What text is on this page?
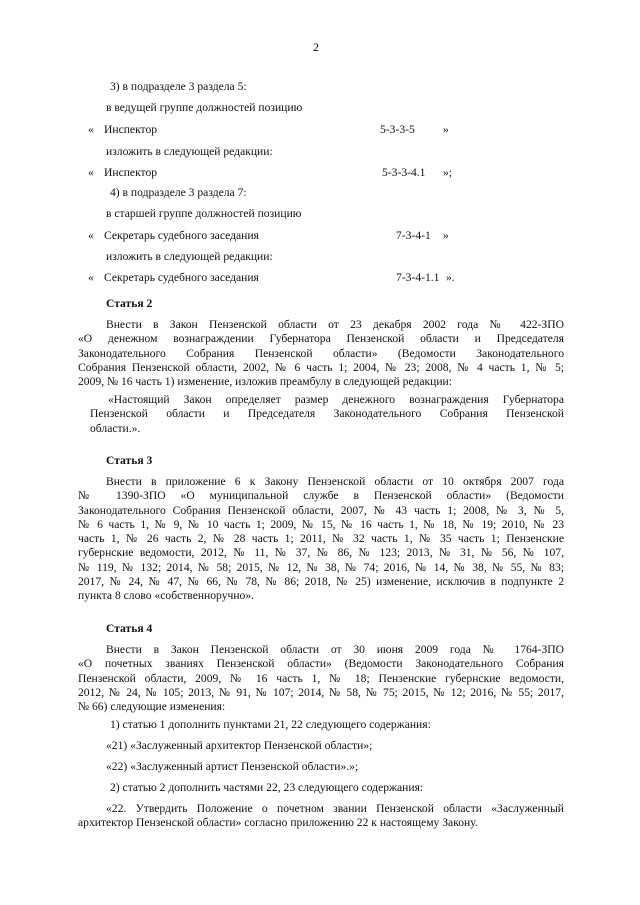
2
3) в подразделе 3 раздела 5:
в ведущей группе должностей позицию
« Инспектор	5-3-3-5 »
изложить в следующей редакции:
« Инспектор	5-3-3-4.1 »;
4) в подразделе 3 раздела 7:
в старшей группе должностей позицию
« Секретарь судебного заседания	7-3-4-1 »
изложить в следующей редакции:
« Секретарь судебного заседания	7-3-4-1.1 ».
Статья 2
Внести в Закон Пензенской области от 23 декабря 2002 года № 422-ЗПО
«О денежном вознаграждении Губернатора Пензенской области и Председателя
Законодательного Собрания Пензенской области» (Ведомости Законодательного
Собрания Пензенской области, 2002, № 6 часть 1; 2004, № 23; 2008, № 4 часть 1, № 5;
2009, № 16 часть 1) изменение, изложив преамбулу в следующей редакции:
«Настоящий Закон определяет размер денежного вознаграждения Губернатора
Пензенской области и Председателя Законодательного Собрания Пензенской
области.».
Статья 3
Внести в приложение 6 к Закону Пензенской области от 10 октября 2007 года
№ 1390-ЗПО «О муниципальной службе в Пензенской области» (Ведомости
Законодательного Собрания Пензенской области, 2007, № 43 часть 1; 2008, № 3, № 5,
№ 6 часть 1, № 9, № 10 часть 1; 2009, № 15, № 16 часть 1, № 18, № 19; 2010, № 23
часть 1, № 26 часть 2, № 28 часть 1; 2011, № 32 часть 1, № 35 часть 1; Пензенские
губернские ведомости, 2012, № 11, № 37, № 86, № 123; 2013, № 31, № 56, № 107,
№ 119, № 132; 2014, № 58; 2015, № 12, № 38, № 74; 2016, № 14, № 38, № 55, № 83;
2017, № 24, № 47, № 66, № 78, № 86; 2018, № 25) изменение, исключив в подпункте 2
пункта 8 слово «собственноручно».
Статья 4
Внести в Закон Пензенской области от 30 июня 2009 года № 1764-ЗПО
«О почетных званиях Пензенской области» (Ведомости Законодательного Собрания
Пензенской области, 2009, № 16 часть 1, № 18; Пензенские губернские ведомости,
2012, № 24, № 105; 2013, № 91, № 107; 2014, № 58, № 75; 2015, № 12; 2016, № 55; 2017,
№ 66) следующие изменения:
1) статью 1 дополнить пунктами 21, 22 следующего содержания:
«21) «Заслуженный архитектор Пензенской области»;
«22) «Заслуженный артист Пензенской области».»;
2) статью 2 дополнить частями 22, 23 следующего содержания:
«22. Утвердить Положение о почетном звании Пензенской области «Заслуженный
архитектор Пензенской области» согласно приложению 22 к настоящему Закону.
